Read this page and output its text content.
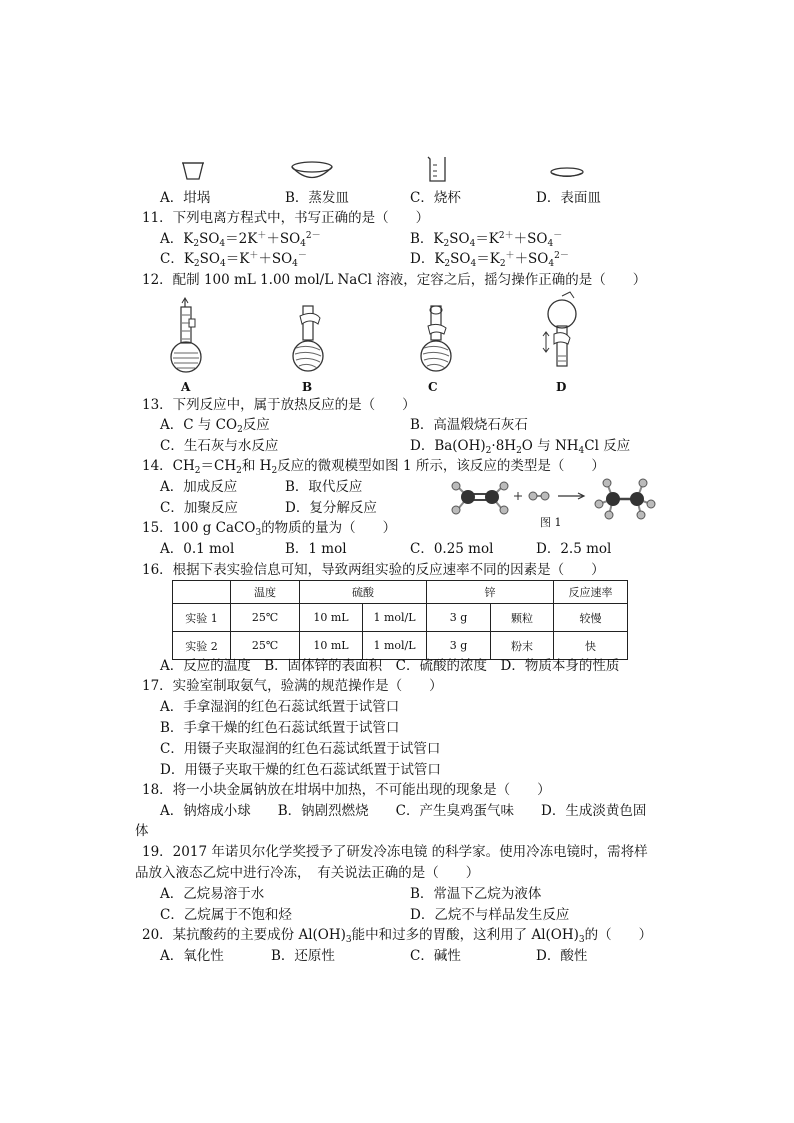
A．坩埚	B．蒸发皿	C．烧杯	D．表面皿
11．下列电离方程式中，书写正确的是（　　）
A．$K_2SO_4=2K^++SO_4^{2-}$	B．$K_2SO_4=K^{2+}+SO_4^-$
C．$K_2SO_4=K^++SO_4^-$	D．$K_2SO_4=K_2^++SO_4^{2-}$
12．配制 100 mL 1.00 mol/L NaCl 溶液，定容之后，摇匀操作正确的是（　　）
A	B	C	D
13．下列反应中，属于放热反应的是（　　）
A．C 与 $CO_2$反应	B．高温煅烧石灰石
C．生石灰与水反应	D．$Ba(OH)_2\cdot 8H_2O$ 与 $NH_4Cl$ 反应
14．$CH_2=CH_2$和 $H_2$反应的微观模型如图 1 所示，该反应的类型是（　　）
A．加成反应	B．取代反应
C．加聚反应	D．复分解反应
图 1
15．100 g CaCO$_3$的物质的量为（　　）
A．0.1 mol	B．1 mol	C．0.25 mol	D．2.5 mol
16．根据下表实验信息可知，导致两组实验的反应速率不同的因素是（　　）
	温度	硫酸		锌		反应速率
实验 1	25℃	10 mL	1 mol/L	3 g	颗粒	较慢
实验 2	25℃	10 mL	1 mol/L	3 g	粉末	快
A．反应的温度　B．固体锌的表面积　C．硫酸的浓度　D．物质本身的性质
17．实验室制取氨气，验满的规范操作是（　　）
A．手拿湿润的红色石蕊试纸置于试管口
B．手拿干燥的红色石蕊试纸置于试管口
C．用镊子夹取湿润的红色石蕊试纸置于试管口
D．用镊子夹取干燥的红色石蕊试纸置于试管口
18．将一小块金属钠放在坩埚中加热，不可能出现的现象是（　　）
A．钠熔成小球　　B．钠剧烈燃烧　　C．产生臭鸡蛋气味　　D．生成淡黄色固
体
19．2017 年诺贝尔化学奖授予了研发冷冻电镜 的科学家。使用冷冻电镜时，需将样
品放入液态乙烷中进行冷冻，　有关说法正确的是（　　）
A．乙烷易溶于水	B．常温下乙烷为液体
C．乙烷属于不饱和烃	D．乙烷不与样品发生反应
20．某抗酸药的主要成份 $Al(OH)_3$能中和过多的胃酸，这利用了 $Al(OH)_3$的（　　）
A．氧化性	B．还原性	C．碱性	D．酸性
